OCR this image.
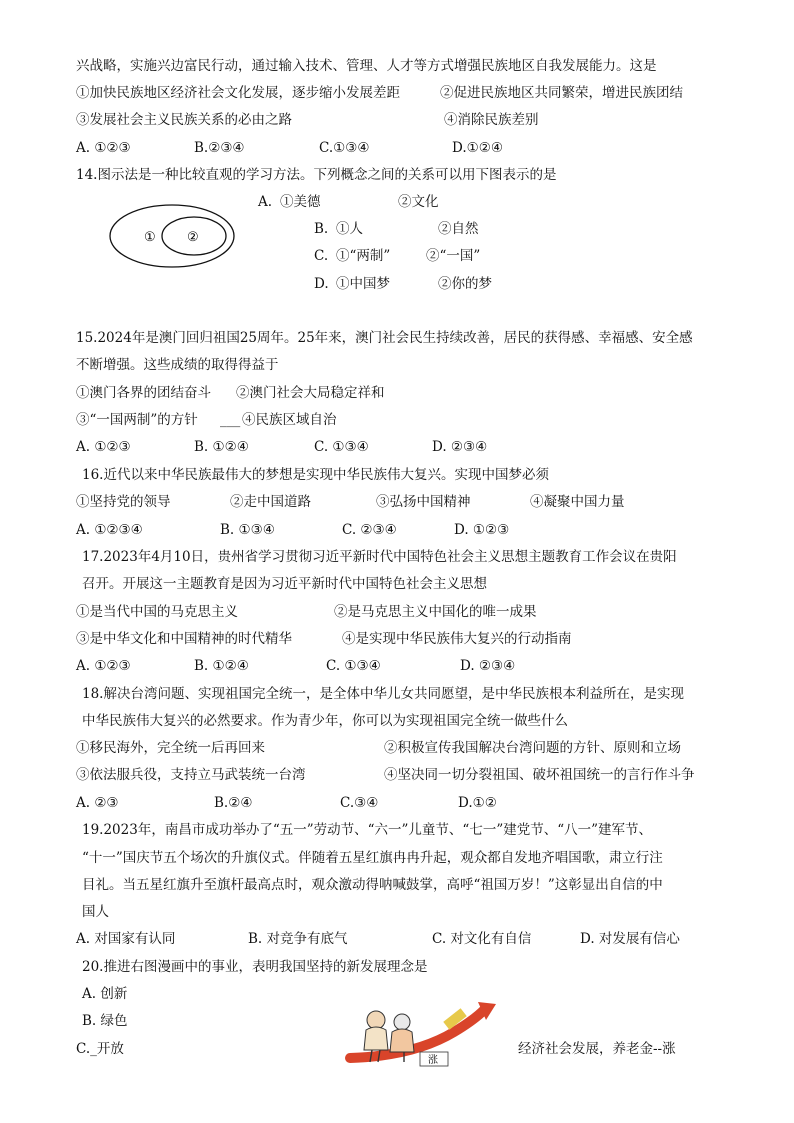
兴战略，实施兴边富民行动，通过输入技术、管理、人才等方式增强民族地区自我发展能力。这是
①加快民族地区经济社会文化发展，逐步缩小发展差距	②促进民族地区共同繁荣，增进民族团结
③发展社会主义民族关系的必由之路	④消除民族差别
A. ①②③	B.②③④	C.①③④	D.①②④
14.图示法是一种比较直观的学习方法。下列概念之间的关系可以用下图表示的是
① ②
A. ①美德	②文化
B. ①人	②自然
C. ①“两制”	②“一国”
D. ①中国梦	②你的梦
15.2024年是澳门回归祖国25周年。25年来，澳门社会民生持续改善，居民的获得感、幸福感、安全感
不断增强。这些成绩的取得得益于
①澳门各界的团结奋斗 ②澳门社会大局稳定祥和
③“一国两制”的方针 ___ ④民族区域自治
A. ①②③	B. ①②④	C. ①③④	D. ②③④
16.近代以来中华民族最伟大的梦想是实现中华民族伟大复兴。实现中国梦必须
①坚持党的领导	②走中国道路	③弘扬中国精神	④凝聚中国力量
A. ①②③④	B. ①③④	C. ②③④	D. ①②③
17.2023年4月10日，贵州省学习贯彻习近平新时代中国特色社会主义思想主题教育工作会议在贵阳
召开。开展这一主题教育是因为习近平新时代中国特色社会主义思想
①是当代中国的马克思主义	②是马克思主义中国化的唯一成果
③是中华文化和中国精神的时代精华	④是实现中华民族伟大复兴的行动指南
A. ①②③	B. ①②④	C. ①③④	D. ②③④
18.解决台湾问题、实现祖国完全统一，是全体中华儿女共同愿望，是中华民族根本利益所在，是实现
中华民族伟大复兴的必然要求。作为青少年，你可以为实现祖国完全统一做些什么
①移民海外，完全统一后再回来	②积极宣传我国解决台湾问题的方针、原则和立场
③依法服兵役，支持立马武装统一台湾	④坚决同一切分裂祖国、破坏祖国统一的言行作斗争
A. ②③	B.②④	C.③④	D.①②
19.2023年，南昌市成功举办了“五一”劳动节、“六一”儿童节、“七一”建党节、“八一”建军节、
“十一”国庆节五个场次的升旗仪式。伴随着五星红旗冉冉升起，观众都自发地齐唱国歌，肃立行注
目礼。当五星红旗升至旗杆最高点时，观众激动得呐喊鼓掌，高呼“祖国万岁！”这彰显出自信的中
国人
A. 对国家有认同	B. 对竞争有底气	C. 对文化有自信	D. 对发展有信心
20.推进右图漫画中的事业，表明我国坚持的新发展理念是
A. 创新
B. 绿色
C._开放
涨
经济社会发展，养老金--涨
